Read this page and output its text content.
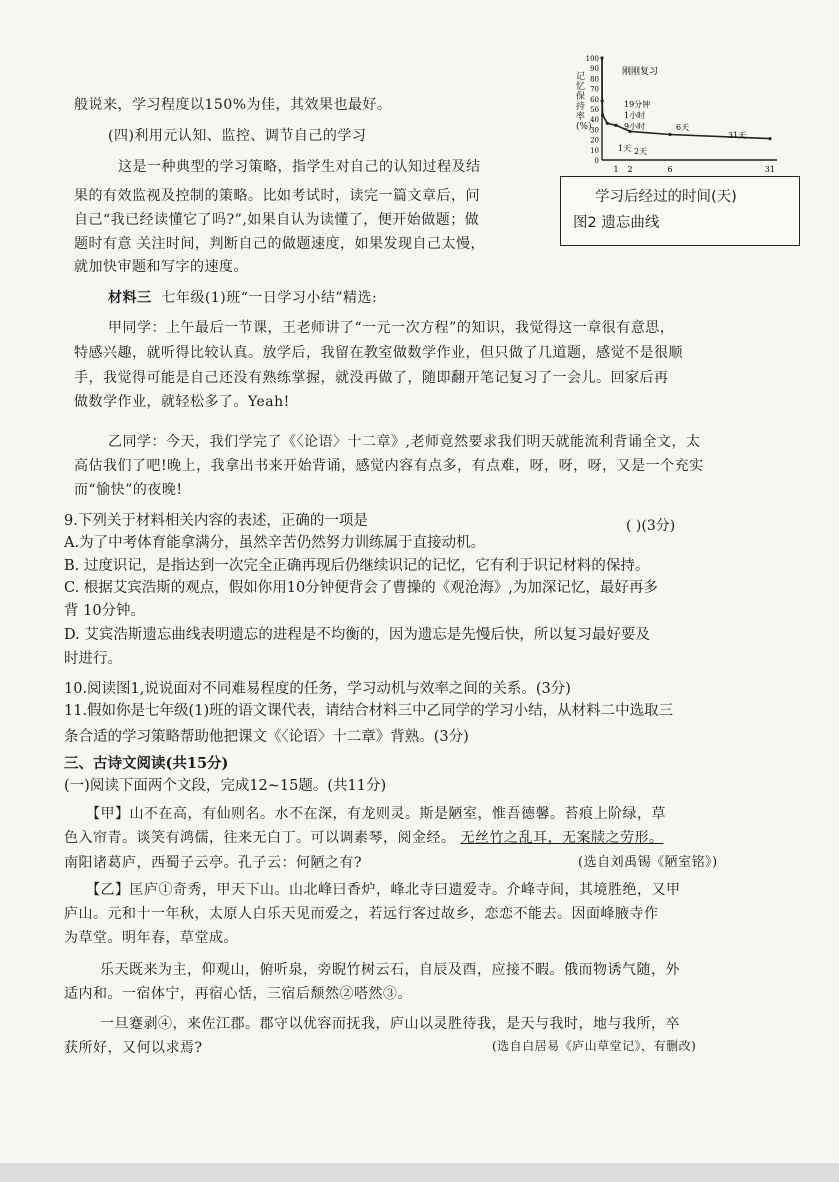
般说来，学习程度以150%为佳，其效果也最好。
(四)利用元认知、监控、调节自己的学习
这是一种典型的学习策略，指学生对自己的认知过程及结
果的有效监视及控制的策略。比如考试时，读完一篇文章后，问
自己“我已经读懂它了吗?”,如果自认为读懂了，便开始做题；做
题时有意 关注时间，判断自己的做题速度，如果发现自己太慢，
就加快审题和写字的速度。
记忆保持率(%)
100
90
80
70
60
50
40
30
20
10
0
1 2	6	31
刚刚复习
19分钟
1小时
9小时
1天 2天
6天
31天
学习后经过的时间(天)
图2 遗忘曲线
材料三 七年级(1)班“一日学习小结”精选:
甲同学：上午最后一节课，王老师讲了“一元一次方程”的知识，我觉得这一章很有意思，
特感兴趣，就听得比较认真。放学后，我留在教室做数学作业，但只做了几道题，感觉不是很顺
手，我觉得可能是自己还没有熟练掌握，就没再做了，随即翻开笔记复习了一会儿。回家后再
做数学作业，就轻松多了。Yeah!
乙同学：今天，我们学完了《〈论语〉十二章》,老师竟然要求我们明天就能流利背诵全文，太
高估我们了吧!晚上，我拿出书来开始背诵，感觉内容有点多，有点难，呀，呀，呀，又是一个充实
而“愉快”的夜晚!
9.下列关于材料相关内容的表述，正确的一项是	( )(3分)
A.为了中考体育能拿满分，虽然辛苦仍然努力训练属于直接动机。
B. 过度识记，是指达到一次完全正确再现后仍继续识记的记忆，它有利于识记材料的保持。
C. 根据艾宾浩斯的观点，假如你用10分钟便背会了曹操的《观沧海》,为加深记忆，最好再多
背 10分钟。
D. 艾宾浩斯遗忘曲线表明遗忘的进程是不均衡的，因为遗忘是先慢后快，所以复习最好要及
时进行。
10.阅读图1,说说面对不同难易程度的任务，学习动机与效率之间的关系。(3分)
11.假如你是七年级(1)班的语文课代表，请结合材料三中乙同学的学习小结，从材料二中选取三
条合适的学习策略帮助他把课文《〈论语〉十二章》背熟。(3分)
三、古诗文阅读(共15分)
(一)阅读下面两个文段，完成12~15题。(共11分)
【甲】山不在高，有仙则名。水不在深，有龙则灵。斯是陋室，惟吾德馨。苔痕上阶绿，草
色入帘青。谈笑有鸿儒，往来无白丁。可以调素琴，阅金经。 无丝竹之乱耳，无案牍之劳形。
南阳诸葛庐，西蜀子云亭。孔子云：何陋之有?	(选自刘禹锡《陋室铭》)
【乙】匡庐①奇秀，甲天下山。山北峰曰香炉，峰北寺曰遗爱寺。介峰寺间，其境胜绝，又甲
庐山。元和十一年秋，太原人白乐天见而爱之，若远行客过故乡，恋恋不能去。因面峰腋寺作
为草堂。明年春，草堂成。
乐天既来为主，仰观山，俯听泉，旁睨竹树云石，自辰及酉，应接不暇。俄而物诱气随，外
适内和。一宿体宁，再宿心恬，三宿后颓然②嗒然③。
一旦蹇剥④，来佐江郡。郡守以优容而抚我，庐山以灵胜待我，是天与我时，地与我所，卒
获所好，又何以求焉?	(选自白居易《庐山草堂记》，有删改)
